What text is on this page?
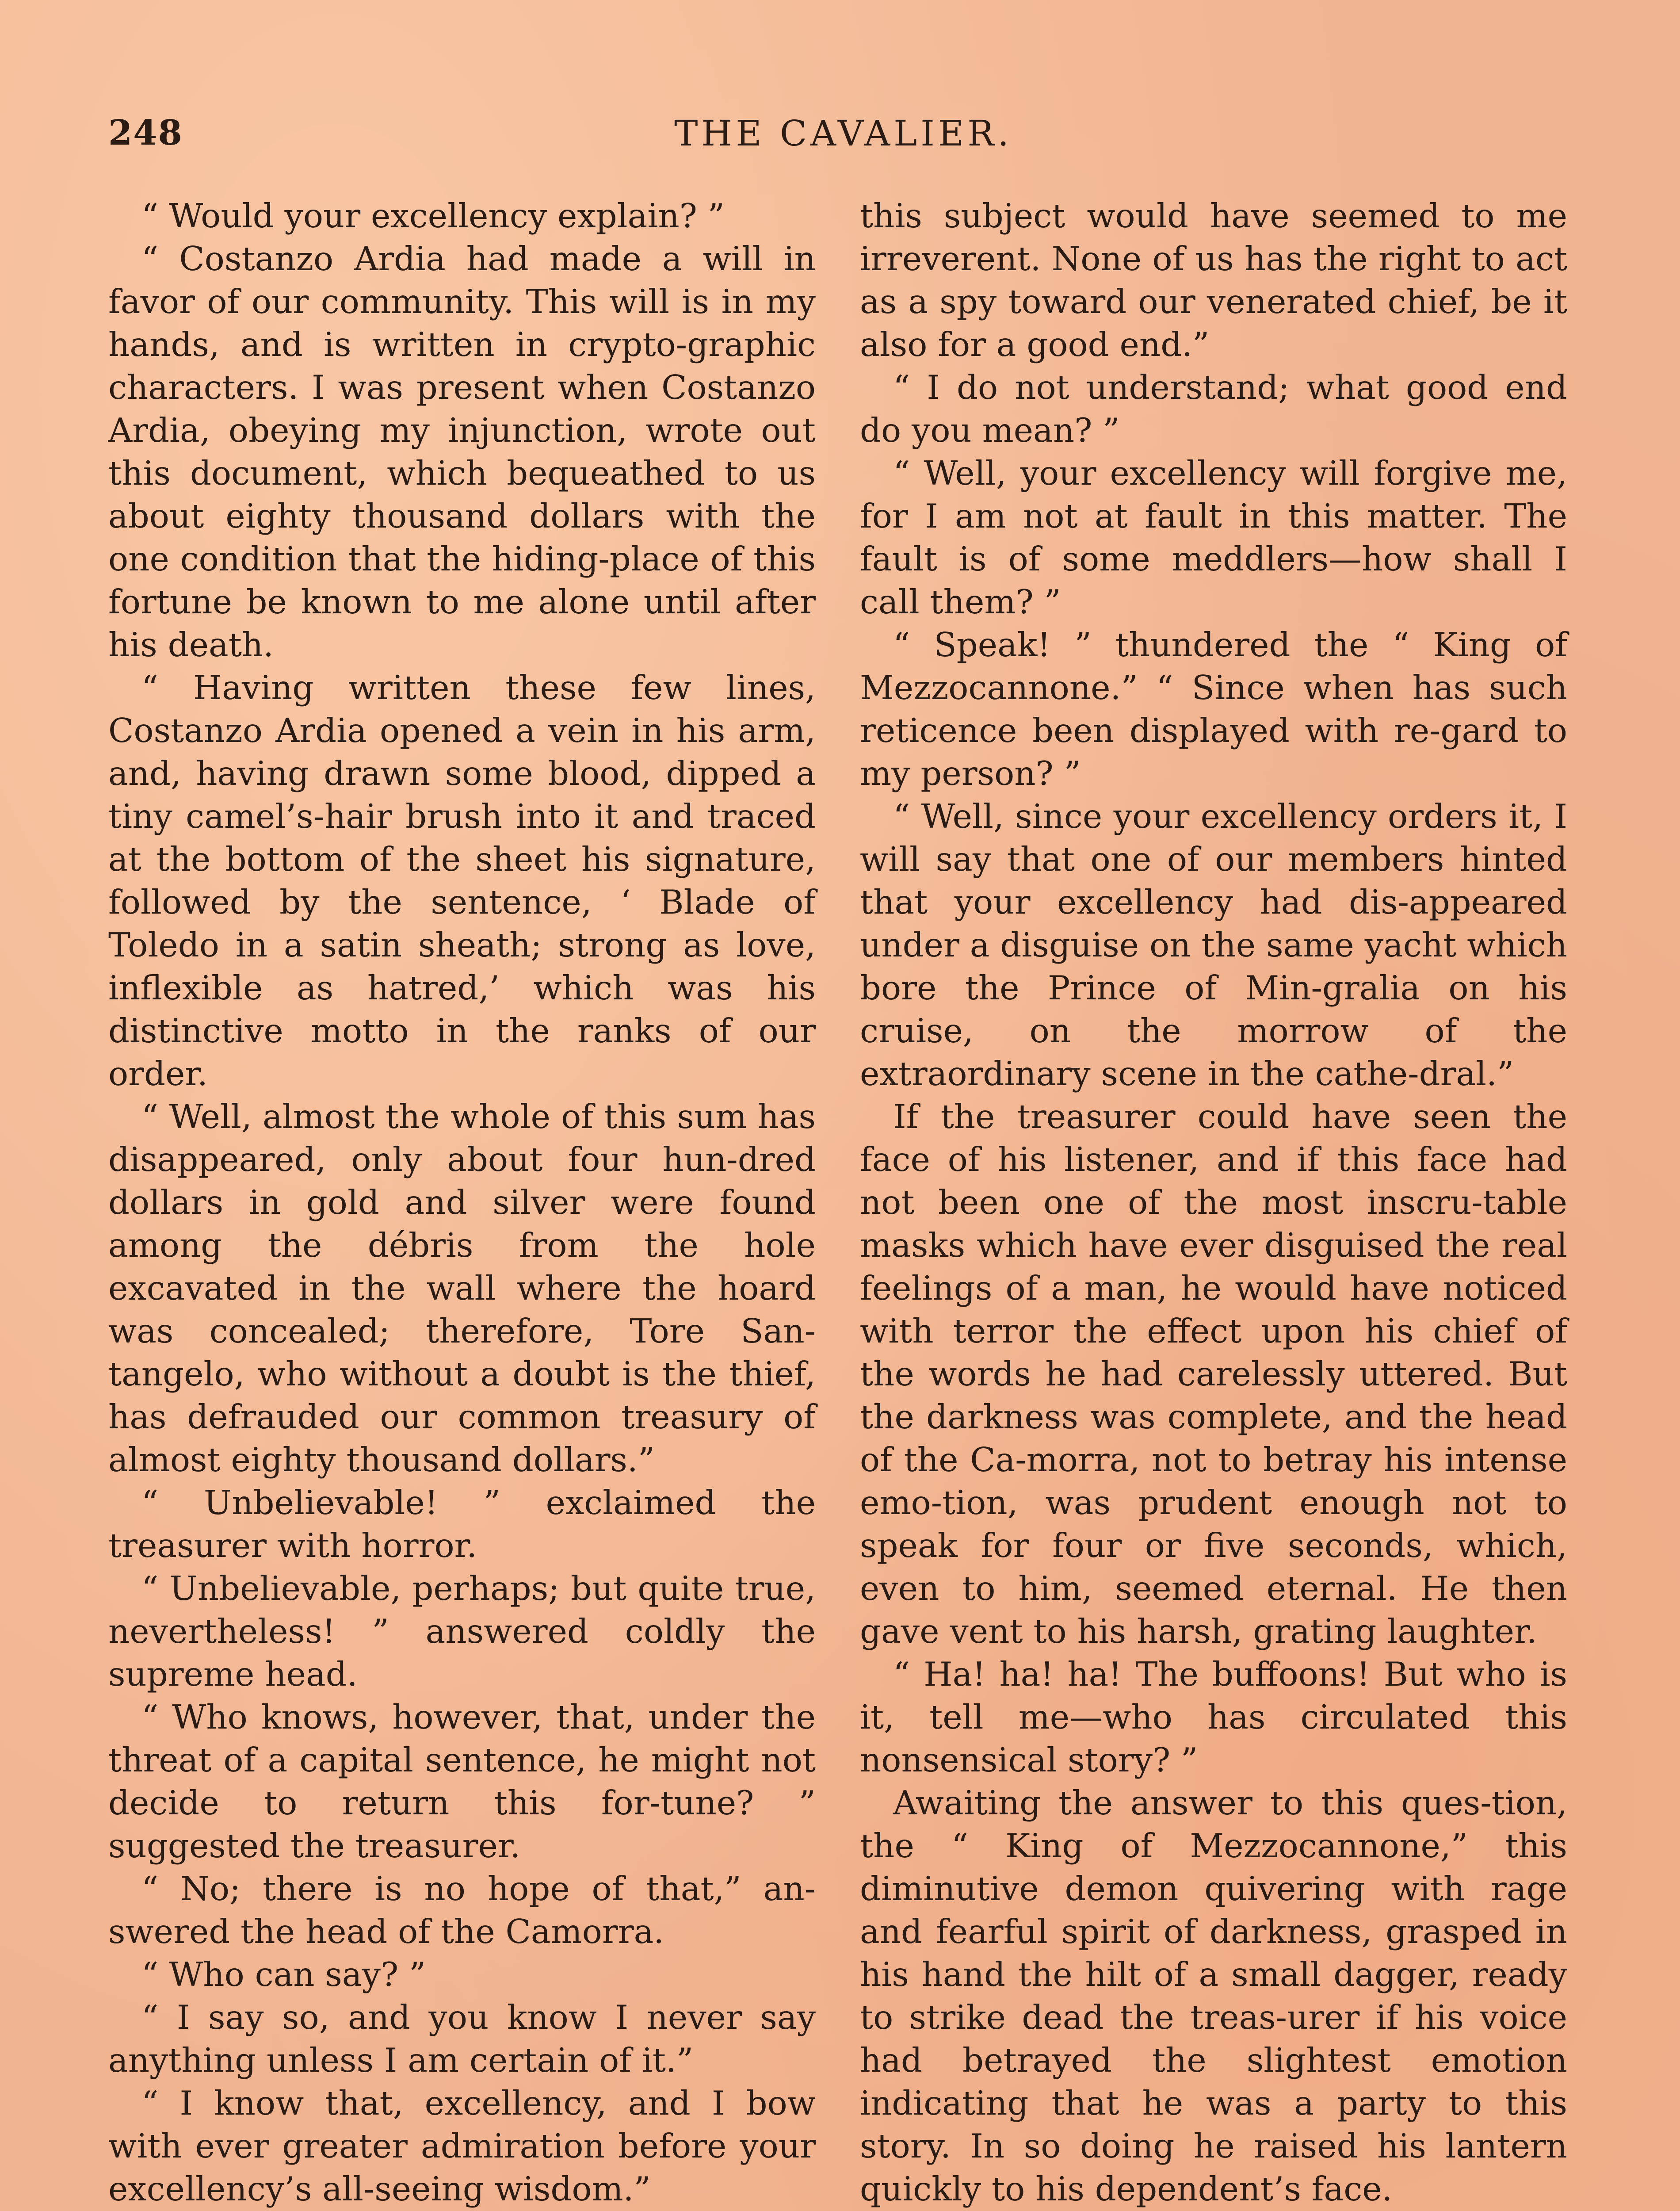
248	THE CAVALIER.

“ Would your excellency explain? ”

“ Costanzo Ardia had made a will in favor of our community. This will is in my hands, and is written in crypto-graphic characters. I was present when Costanzo Ardia, obeying my injunction, wrote out this document, which bequeathed to us about eighty thousand dollars with the one condition that the hiding-place of this fortune be known to me alone until after his death.

“ Having written these few lines, Costanzo Ardia opened a vein in his arm, and, having drawn some blood, dipped a tiny camel’s-hair brush into it and traced at the bottom of the sheet his signature, followed by the sentence, ‘ Blade of Toledo in a satin sheath; strong as love, inflexible as hatred,’ which was his distinctive motto in the ranks of our order.

“ Well, almost the whole of this sum has disappeared, only about four hun-dred dollars in gold and silver were found among the débris from the hole excavated in the wall where the hoard was concealed; therefore, Tore San-tangelo, who without a doubt is the thief, has defrauded our common treasury of almost eighty thousand dollars.”

“ Unbelievable! ” exclaimed the treasurer with horror.

“ Unbelievable, perhaps; but quite true, nevertheless! ” answered coldly the supreme head.

“ Who knows, however, that, under the threat of a capital sentence, he might not decide to return this for-tune? ” suggested the treasurer.

“ No; there is no hope of that,” an-swered the head of the Camorra.

“ Who can say? ”

“ I say so, and you know I never say anything unless I am certain of it.”

“ I know that, excellency, and I bow with ever greater admiration before your excellency’s all-seeing wisdom.”

this subject would have seemed to me irreverent. None of us has the right to act as a spy toward our venerated chief, be it also for a good end.”

“ I do not understand; what good end do you mean? ”

“ Well, your excellency will forgive me, for I am not at fault in this matter. The fault is of some meddlers—how shall I call them? ”

“ Speak! ” thundered the “ King of Mezzocannone.” “ Since when has such reticence been displayed with re-gard to my person? ”

“ Well, since your excellency orders it, I will say that one of our members hinted that your excellency had dis-appeared under a disguise on the same yacht which bore the Prince of Min-gralia on his cruise, on the morrow of the extraordinary scene in the cathe-dral.”

If the treasurer could have seen the face of his listener, and if this face had not been one of the most inscru-table masks which have ever disguised the real feelings of a man, he would have noticed with terror the effect upon his chief of the words he had carelessly uttered. But the darkness was complete, and the head of the Ca-morra, not to betray his intense emo-tion, was prudent enough not to speak for four or five seconds, which, even to him, seemed eternal. He then gave vent to his harsh, grating laughter.

“ Ha! ha! ha! The buffoons! But who is it, tell me—who has circulated this nonsensical story? ”

Awaiting the answer to this ques-tion, the “ King of Mezzocannone,” this diminutive demon quivering with rage and fearful spirit of darkness, grasped in his hand the hilt of a small dagger, ready to strike dead the treas-urer if his voice had betrayed the slightest emotion indicating that he was a party to this story. In so doing he raised his lantern quickly to his dependent’s face.
